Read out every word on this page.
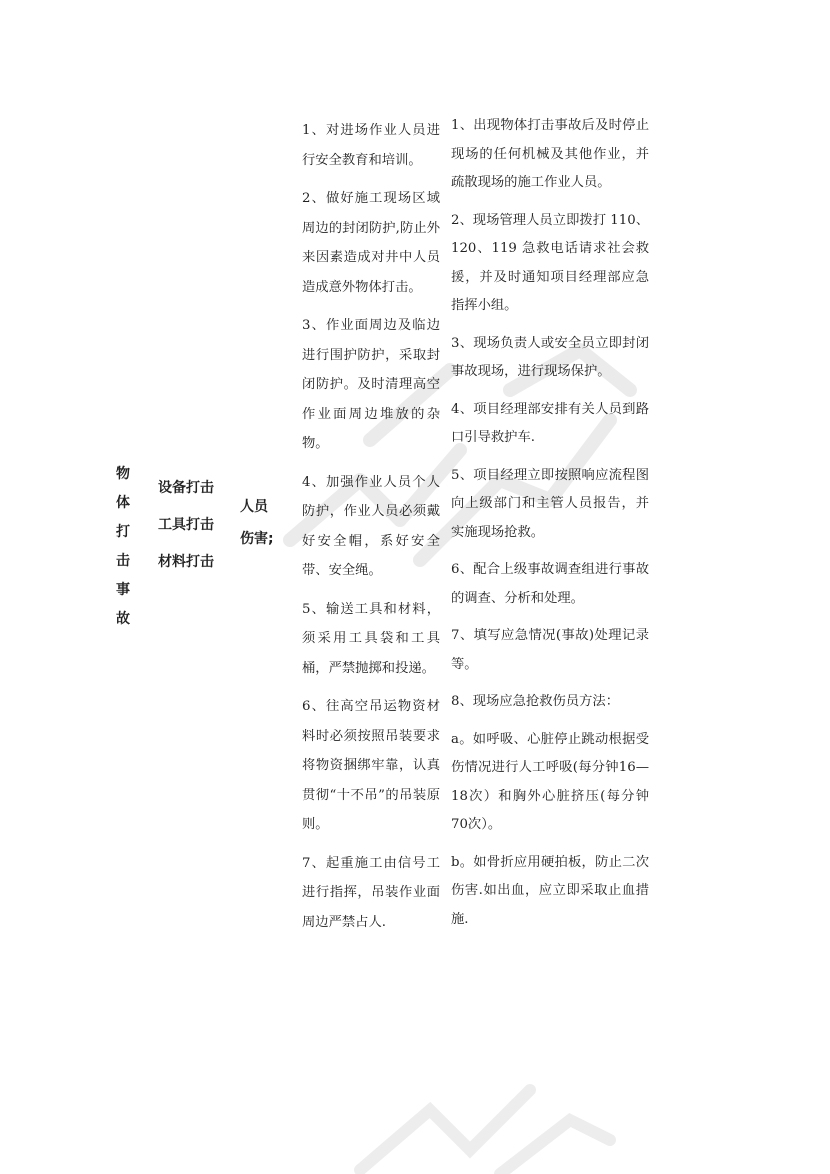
物
体
打
击
事
故
设备打击
工具打击
材料打击
人员
伤害;

1、对进场作业人员进行安全教育和培训。

2、做好施工现场区域周边的封闭防护,防止外来因素造成对井中人员造成意外物体打击。

3、作业面周边及临边进行围护防护，采取封闭防护。及时清理高空作业面周边堆放的杂物。

4、加强作业人员个人防护，作业人员必须戴好安全帽，系好安全带、安全绳。

5、输送工具和材料，须采用工具袋和工具桶，严禁抛掷和投递。

6、往高空吊运物资材料时必须按照吊装要求将物资捆绑牢靠，认真贯彻“十不吊”的吊装原则。

7、起重施工由信号工进行指挥，吊装作业面周边严禁占人.

1、出现物体打击事故后及时停止现场的任何机械及其他作业，并疏散现场的施工作业人员。

2、现场管理人员立即拨打 110、120、119 急救电话请求社会救援，并及时通知项目经理部应急指挥小组。

3、现场负责人或安全员立即封闭事故现场，进行现场保护。

4、项目经理部安排有关人员到路口引导救护车.

5、项目经理立即按照响应流程图向上级部门和主管人员报告，并实施现场抢救。

6、配合上级事故调查组进行事故的调查、分析和处理。

7、填写应急情况(事故)处理记录等。

8、现场应急抢救伤员方法：

a。如呼吸、心脏停止跳动根据受伤情况进行人工呼吸(每分钟16—18次）和胸外心脏挤压(每分钟70次）。

b。如骨折应用硬拍板，防止二次伤害.如出血，应立即采取止血措施.
